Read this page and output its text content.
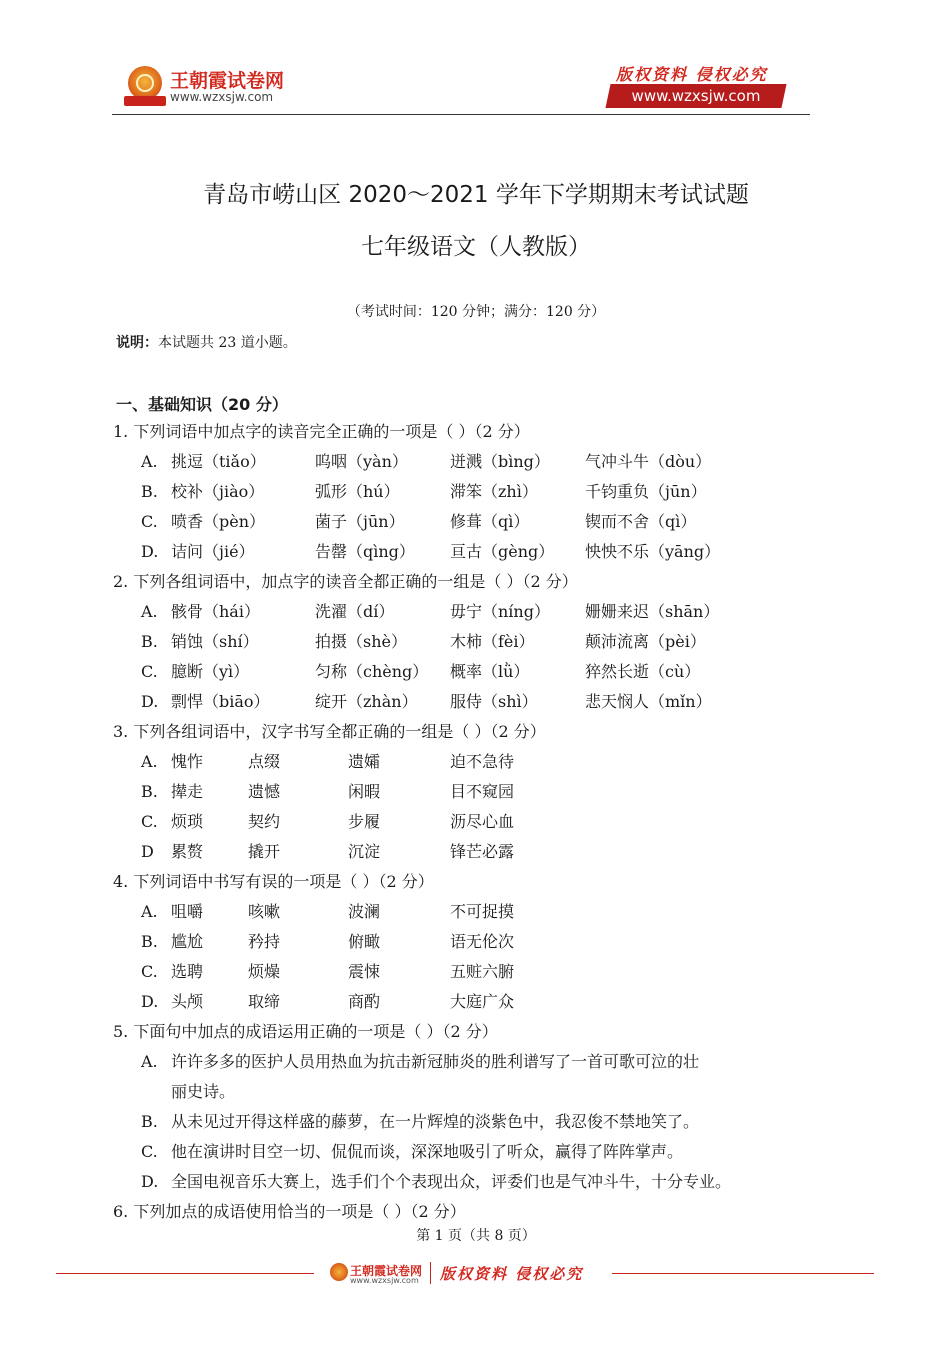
王朝霞试卷网
www.wzxsjw.com
版权资料 侵权必究
www.wzxsjw.com
青岛市崂山区 2020～2021 学年下学期期末考试试题
七年级语文（人教版）
（考试时间：120 分钟；满分：120 分）
说明：本试题共 23 道小题。
一、基础知识（20 分）
1. 下列词语中加点字的读音完全正确的一项是（ ）（2 分）
A. 挑逗（tiǎo）	呜咽（yàn）	迸溅（bìng） 气冲斗牛（dòu）
B. 校补（jiào）	弧形（hú）	滞笨（zhì）	千钧重负（jūn）
C. 喷香（pèn）	菌子（jūn）	修葺（qì）	锲而不舍（qì）
D. 诘问（jié）	告罄（qìng） 亘古（gèng） 怏怏不乐（yāng）
2. 下列各组词语中，加点字的读音全都正确的一组是（ ）（2 分）
A. 骸骨（hái）	洗濯（dí）	毋宁（níng） 姗姗来迟（shān）
B. 销蚀（shí）	拍摄（shè）	木柿（fèi）	颠沛流离（pèi）
C. 臆断（yì）	匀称（chèng） 概率（lǜ）	猝然长逝（cù）
D. 剽悍（biāo）	绽开（zhàn） 服侍（shì）	悲天悯人（mǐn）
3. 下列各组词语中，汉字书写全都正确的一组是（ ）（2 分）
A. 愧怍	点缀	遗孀	迫不急待
B. 撵走	遗憾	闲暇	目不窥园
C. 烦琐	契约	步履	沥尽心血
D 累赘	撬开	沉淀	锋芒必露
4. 下列词语中书写有误的一项是（ ）（2 分）
A. 咀嚼	咳嗽	波澜	不可捉摸
B. 尴尬	矜持	俯瞰	语无伦次
C. 选聘	烦燥	震悚	五赃六腑
D. 头颅	取缔	商酌	大庭广众
5. 下面句中加点的成语运用正确的一项是（ ）（2 分）
A. 许许多多的医护人员用热血为抗击新冠肺炎的胜利谱写了一首可歌可泣的壮
丽史诗。
B. 从未见过开得这样盛的藤萝，在一片辉煌的淡紫色中，我忍俊不禁地笑了。
C. 他在演讲时目空一切、侃侃而谈，深深地吸引了听众，赢得了阵阵掌声。
D. 全国电视音乐大赛上，选手们个个表现出众，评委们也是气冲斗牛，十分专业。
6. 下列加点的成语使用恰当的一项是（ ）（2 分）
第 1 页（共 8 页）
王朝霞试卷网
www.wzxsjw.com 版权资料 侵权必究
